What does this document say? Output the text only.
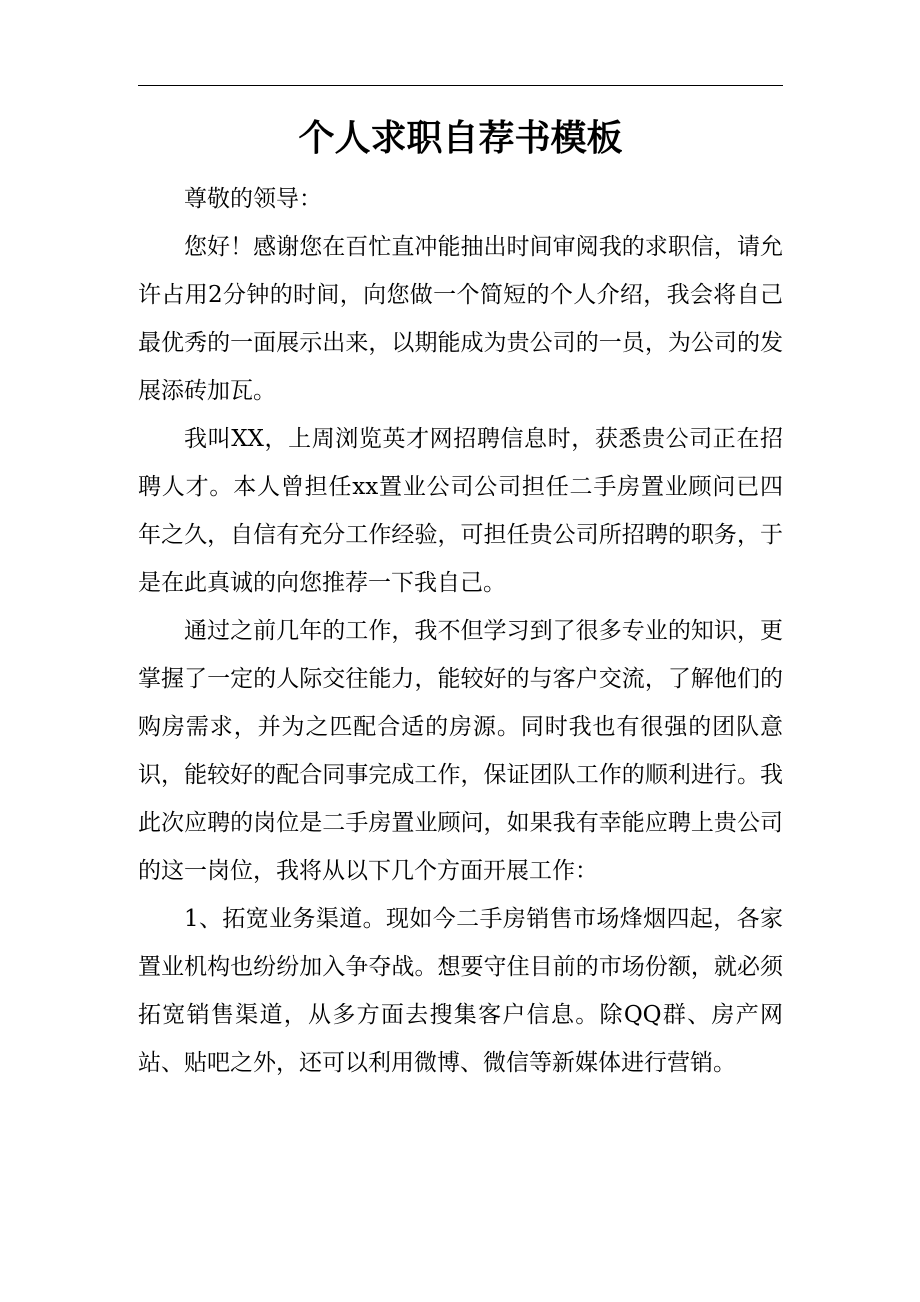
个人求职自荐书模板

尊敬的领导：

您好！感谢您在百忙直冲能抽出时间审阅我的求职信，请允许占用2分钟的时间，向您做一个简短的个人介绍，我会将自己最优秀的一面展示出来，以期能成为贵公司的一员，为公司的发展添砖加瓦。

我叫XX，上周浏览英才网招聘信息时，获悉贵公司正在招聘人才。本人曾担任xx置业公司公司担任二手房置业顾问已四年之久，自信有充分工作经验，可担任贵公司所招聘的职务，于是在此真诚的向您推荐一下我自己。

通过之前几年的工作，我不但学习到了很多专业的知识，更掌握了一定的人际交往能力，能较好的与客户交流，了解他们的购房需求，并为之匹配合适的房源。同时我也有很强的团队意识，能较好的配合同事完成工作，保证团队工作的顺利进行。我此次应聘的岗位是二手房置业顾问，如果我有幸能应聘上贵公司的这一岗位，我将从以下几个方面开展工作：

1、拓宽业务渠道。现如今二手房销售市场烽烟四起，各家置业机构也纷纷加入争夺战。想要守住目前的市场份额，就必须拓宽销售渠道，从多方面去搜集客户信息。除QQ群、房产网站、贴吧之外，还可以利用微博、微信等新媒体进行营销。
